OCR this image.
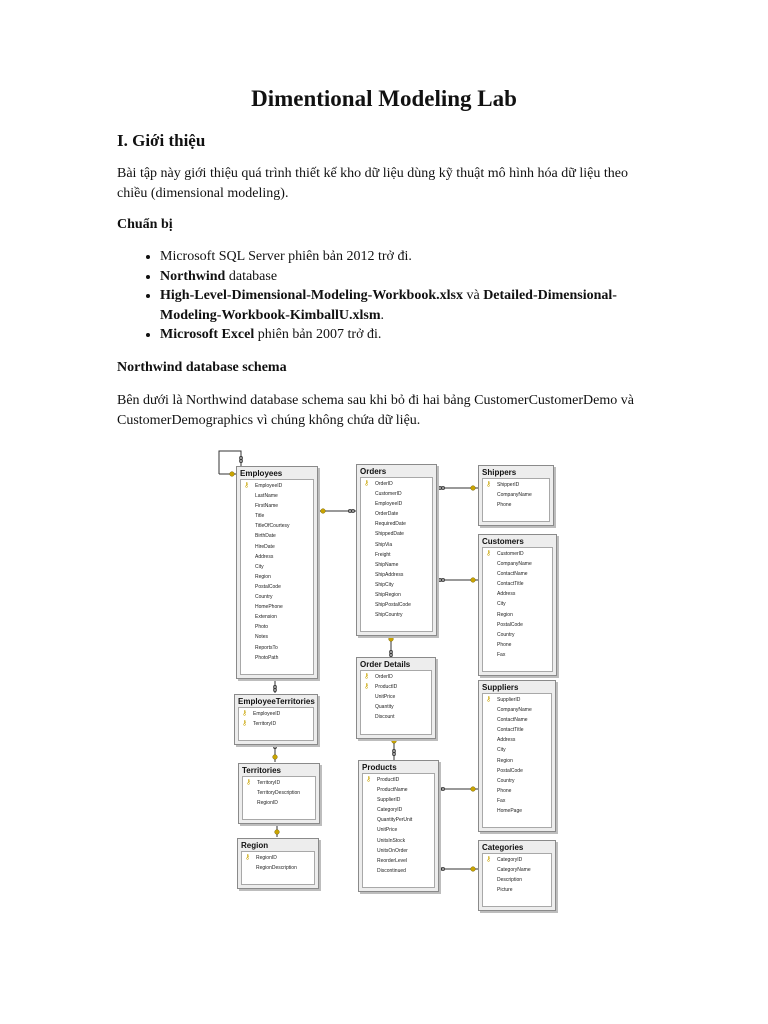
Dimentional Modeling Lab
I. Giới thiệu

Bài tập này giới thiệu quá trình thiết kế kho dữ liệu dùng kỹ thuật mô hình hóa dữ liệu theo
chiều (dimensional modeling).

Chuẩn bị

• Microsoft SQL Server phiên bản 2012 trở đi.
• Northwind database
• High-Level-Dimensional-Modeling-Workbook.xlsx và Detailed-Dimensional-Modeling-Workbook-KimballU.xlsm.
• Microsoft Excel phiên bản 2007 trở đi.

Northwind database schema

Bên dưới là Northwind database schema sau khi bỏ đi hai bảng CustomerCustomerDemo và
CustomerDemographics vì chúng không chứa dữ liệu.

Employees
⚷ EmployeeID
LastName
FirstName
Title
TitleOfCourtesy
BirthDate
HireDate
Address
City
Region
PostalCode
Country
HomePhone
Extension
Photo
Notes
ReportsTo
PhotoPath
Orders
⚷ OrderID
CustomerID
EmployeeID
OrderDate
RequiredDate
ShippedDate
ShipVia
Freight
ShipName
ShipAddress
ShipCity
ShipRegion
ShipPostalCode
ShipCountry
Shippers
⚷ ShipperID
CompanyName
Phone
Customers
⚷ CustomerID
CompanyName
ContactName
ContactTitle
Address
City
Region
PostalCode
Country
Phone
Fax
EmployeeTerritories
⚷ EmployeeID
⚷ TerritoryID
Order Details
⚷ OrderID
⚷ ProductID
UnitPrice
Quantity
Discount
Suppliers
⚷ SupplierID
CompanyName
ContactName
ContactTitle
Address
City
Region
PostalCode
Country
Phone
Fax
HomePage
Territories
⚷ TerritoryID
TerritoryDescription
RegionID
Products
⚷ ProductID
ProductName
SupplierID
CategoryID
QuantityPerUnit
UnitPrice
UnitsInStock
UnitsOnOrder
ReorderLevel
Discontinued
Region
⚷ RegionID
RegionDescription
Categories
⚷ CategoryID
CategoryName
Description
Picture
